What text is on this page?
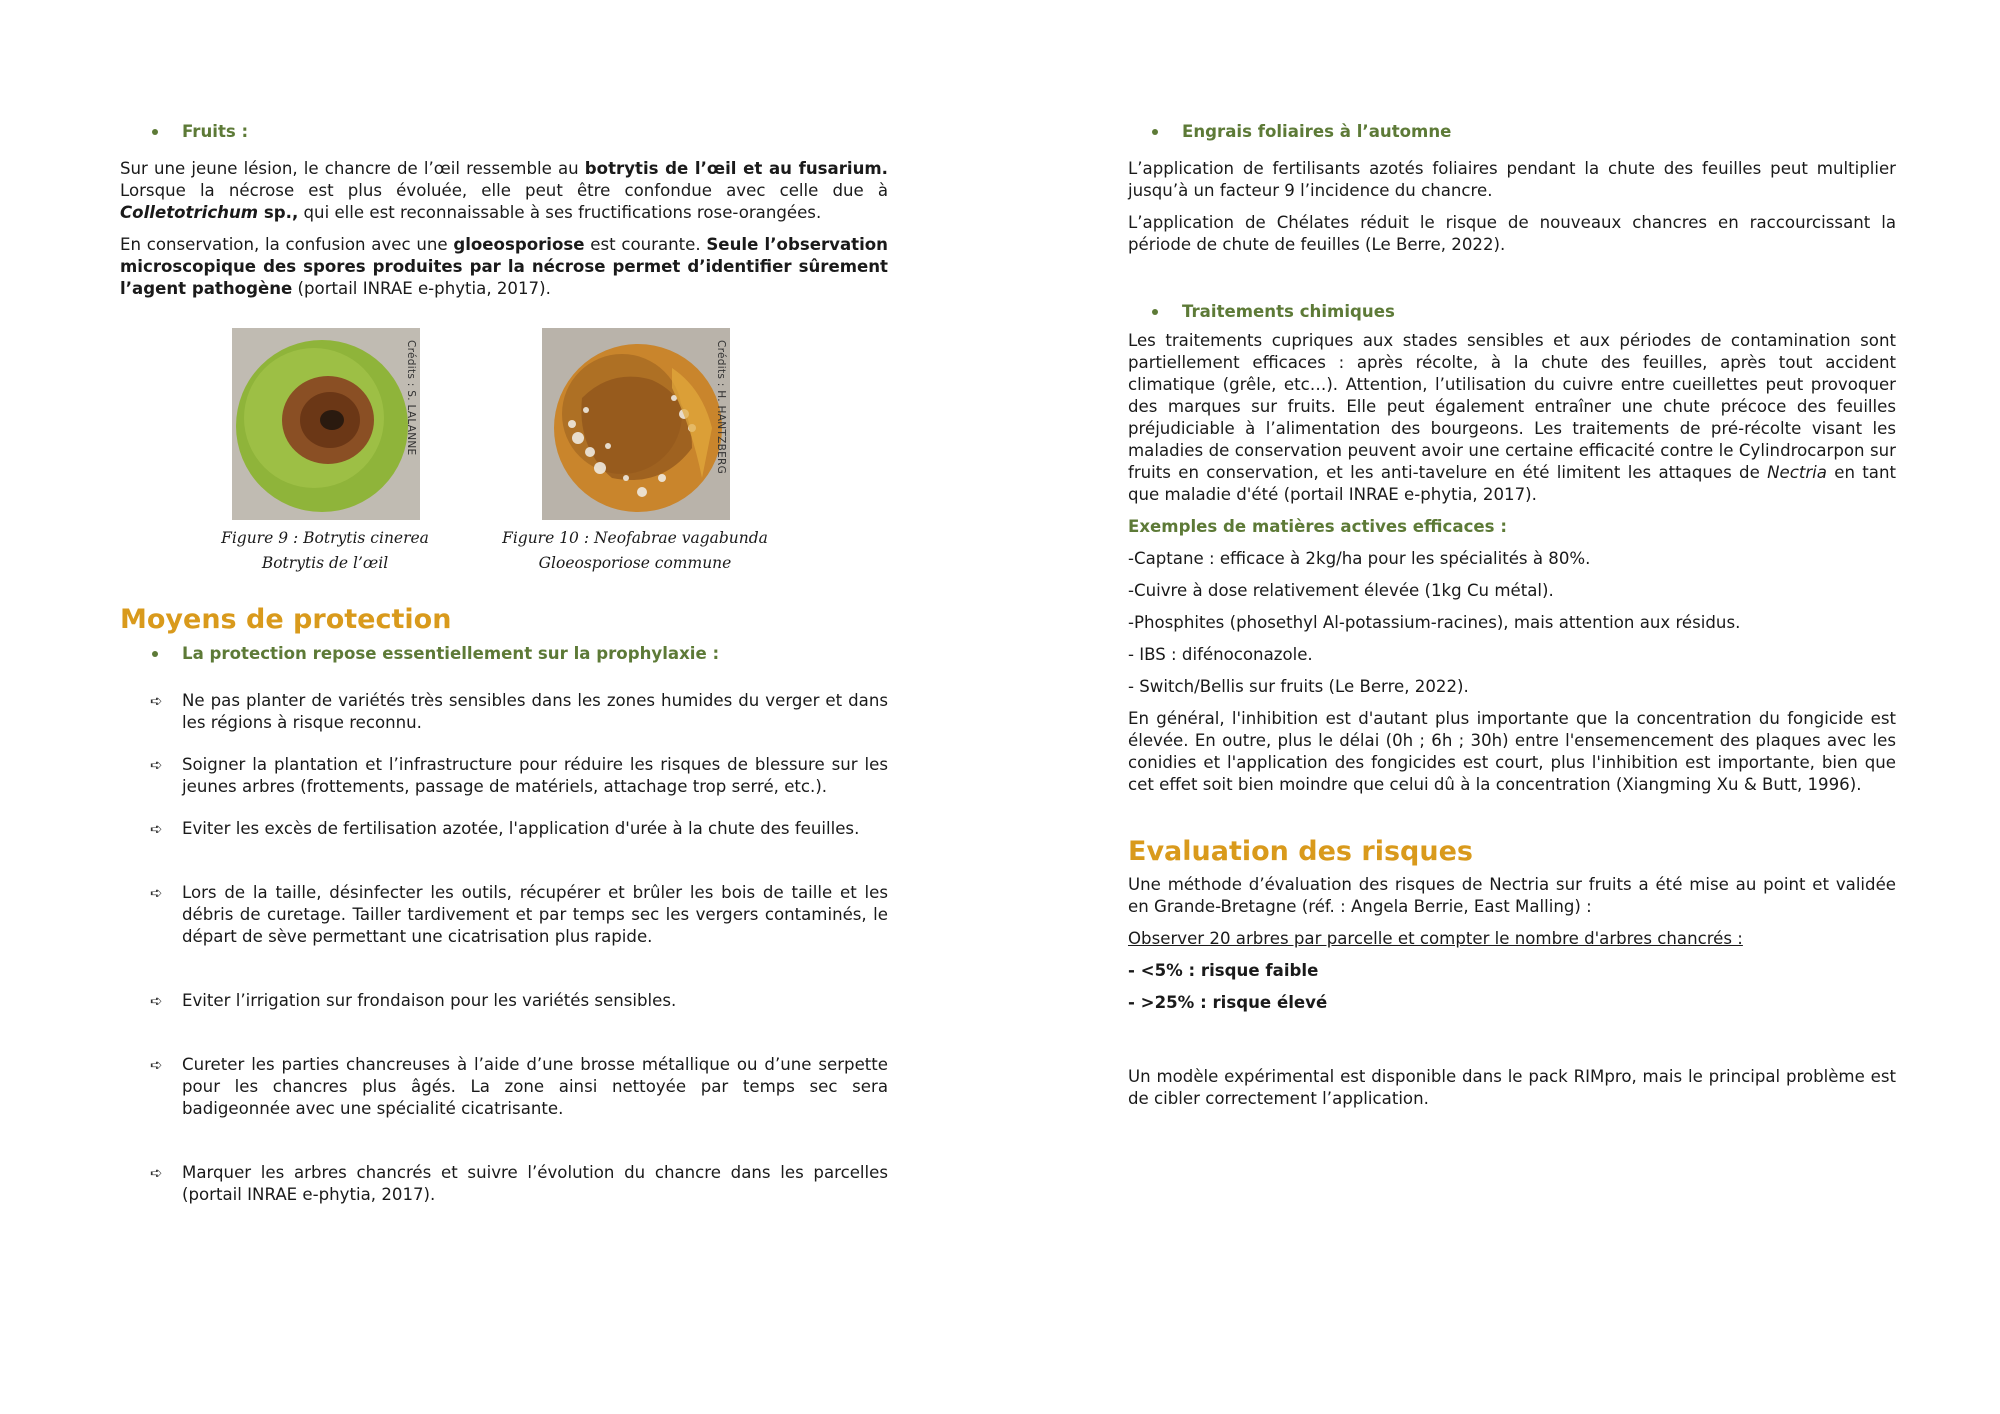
Fruits :

Sur une jeune lésion, le chancre de l’œil ressemble au botrytis de l’œil et au fusarium. Lorsque la nécrose est plus évoluée, elle peut être confondue avec celle due à Colletotrichum sp., qui elle est reconnaissable à ses fructifications rose-orangées.

En conservation, la confusion avec une gloeosporiose est courante. Seule l’observation microscopique des spores produites par la nécrose permet d’identifier sûrement l’agent pathogène (portail INRAE e-phytia, 2017).

Crédits : S. LALANNE
Figure 9 : Botrytis cinerea
Botrytis de l’œil
Crédits : H. HANTZBERG
Figure 10 : Neofabrae vagabunda
Gloeosporiose commune
Moyens de protection
La protection repose essentiellement sur la prophylaxie :
➪ Ne pas planter de variétés très sensibles dans les zones humides du verger et dans les régions à risque reconnu.

➪ Soigner la plantation et l’infrastructure pour réduire les risques de blessure sur les jeunes arbres (frottements, passage de matériels, attachage trop serré, etc.).

➪ Eviter les excès de fertilisation azotée, l'application d'urée à la chute des feuilles.

➪ Lors de la taille, désinfecter les outils, récupérer et brûler les bois de taille et les débris de curetage. Tailler tardivement et par temps sec les vergers contaminés, le départ de sève permettant une cicatrisation plus rapide.

➪ Eviter l’irrigation sur frondaison pour les variétés sensibles.

➪ Cureter les parties chancreuses à l’aide d’une brosse métallique ou d’une serpette pour les chancres plus âgés. La zone ainsi nettoyée par temps sec sera badigeonnée avec une spécialité cicatrisante.

➪ Marquer les arbres chancrés et suivre l’évolution du chancre dans les parcelles (portail INRAE e-phytia, 2017).

Engrais foliaires à l’automne

L’application de fertilisants azotés foliaires pendant la chute des feuilles peut multiplier jusqu’à un facteur 9 l’incidence du chancre.

L’application de Chélates réduit le risque de nouveaux chancres en raccourcissant la période de chute de feuilles (Le Berre, 2022).

Traitements chimiques

Les traitements cupriques aux stades sensibles et aux périodes de contamination sont partiellement efficaces : après récolte, à la chute des feuilles, après tout accident climatique (grêle, etc…). Attention, l’utilisation du cuivre entre cueillettes peut provoquer des marques sur fruits. Elle peut également entraîner une chute précoce des feuilles préjudiciable à l’alimentation des bourgeons. Les traitements de pré-récolte visant les maladies de conservation peuvent avoir une certaine efficacité contre le Cylindrocarpon sur fruits en conservation, et les anti-tavelure en été limitent les attaques de Nectria en tant que maladie d'été (portail INRAE e-phytia, 2017).

Exemples de matières actives efficaces :

-Captane : efficace à 2kg/ha pour les spécialités à 80%.

-Cuivre à dose relativement élevée (1kg Cu métal).

-Phosphites (phosethyl Al-potassium-racines), mais attention aux résidus.

- IBS : difénoconazole.

- Switch/Bellis sur fruits (Le Berre, 2022).

En général, l'inhibition est d'autant plus importante que la concentration du fongicide est élevée. En outre, plus le délai (0h ; 6h ; 30h) entre l'ensemencement des plaques avec les conidies et l'application des fongicides est court, plus l'inhibition est importante, bien que cet effet soit bien moindre que celui dû à la concentration (Xiangming Xu & Butt, 1996).

Evaluation des risques

Une méthode d’évaluation des risques de Nectria sur fruits a été mise au point et validée en Grande-Bretagne (réf. : Angela Berrie, East Malling) :

Observer 20 arbres par parcelle et compter le nombre d'arbres chancrés :

- <5% : risque faible

- >25% : risque élevé

Un modèle expérimental est disponible dans le pack RIMpro, mais le principal problème est de cibler correctement l’application.
